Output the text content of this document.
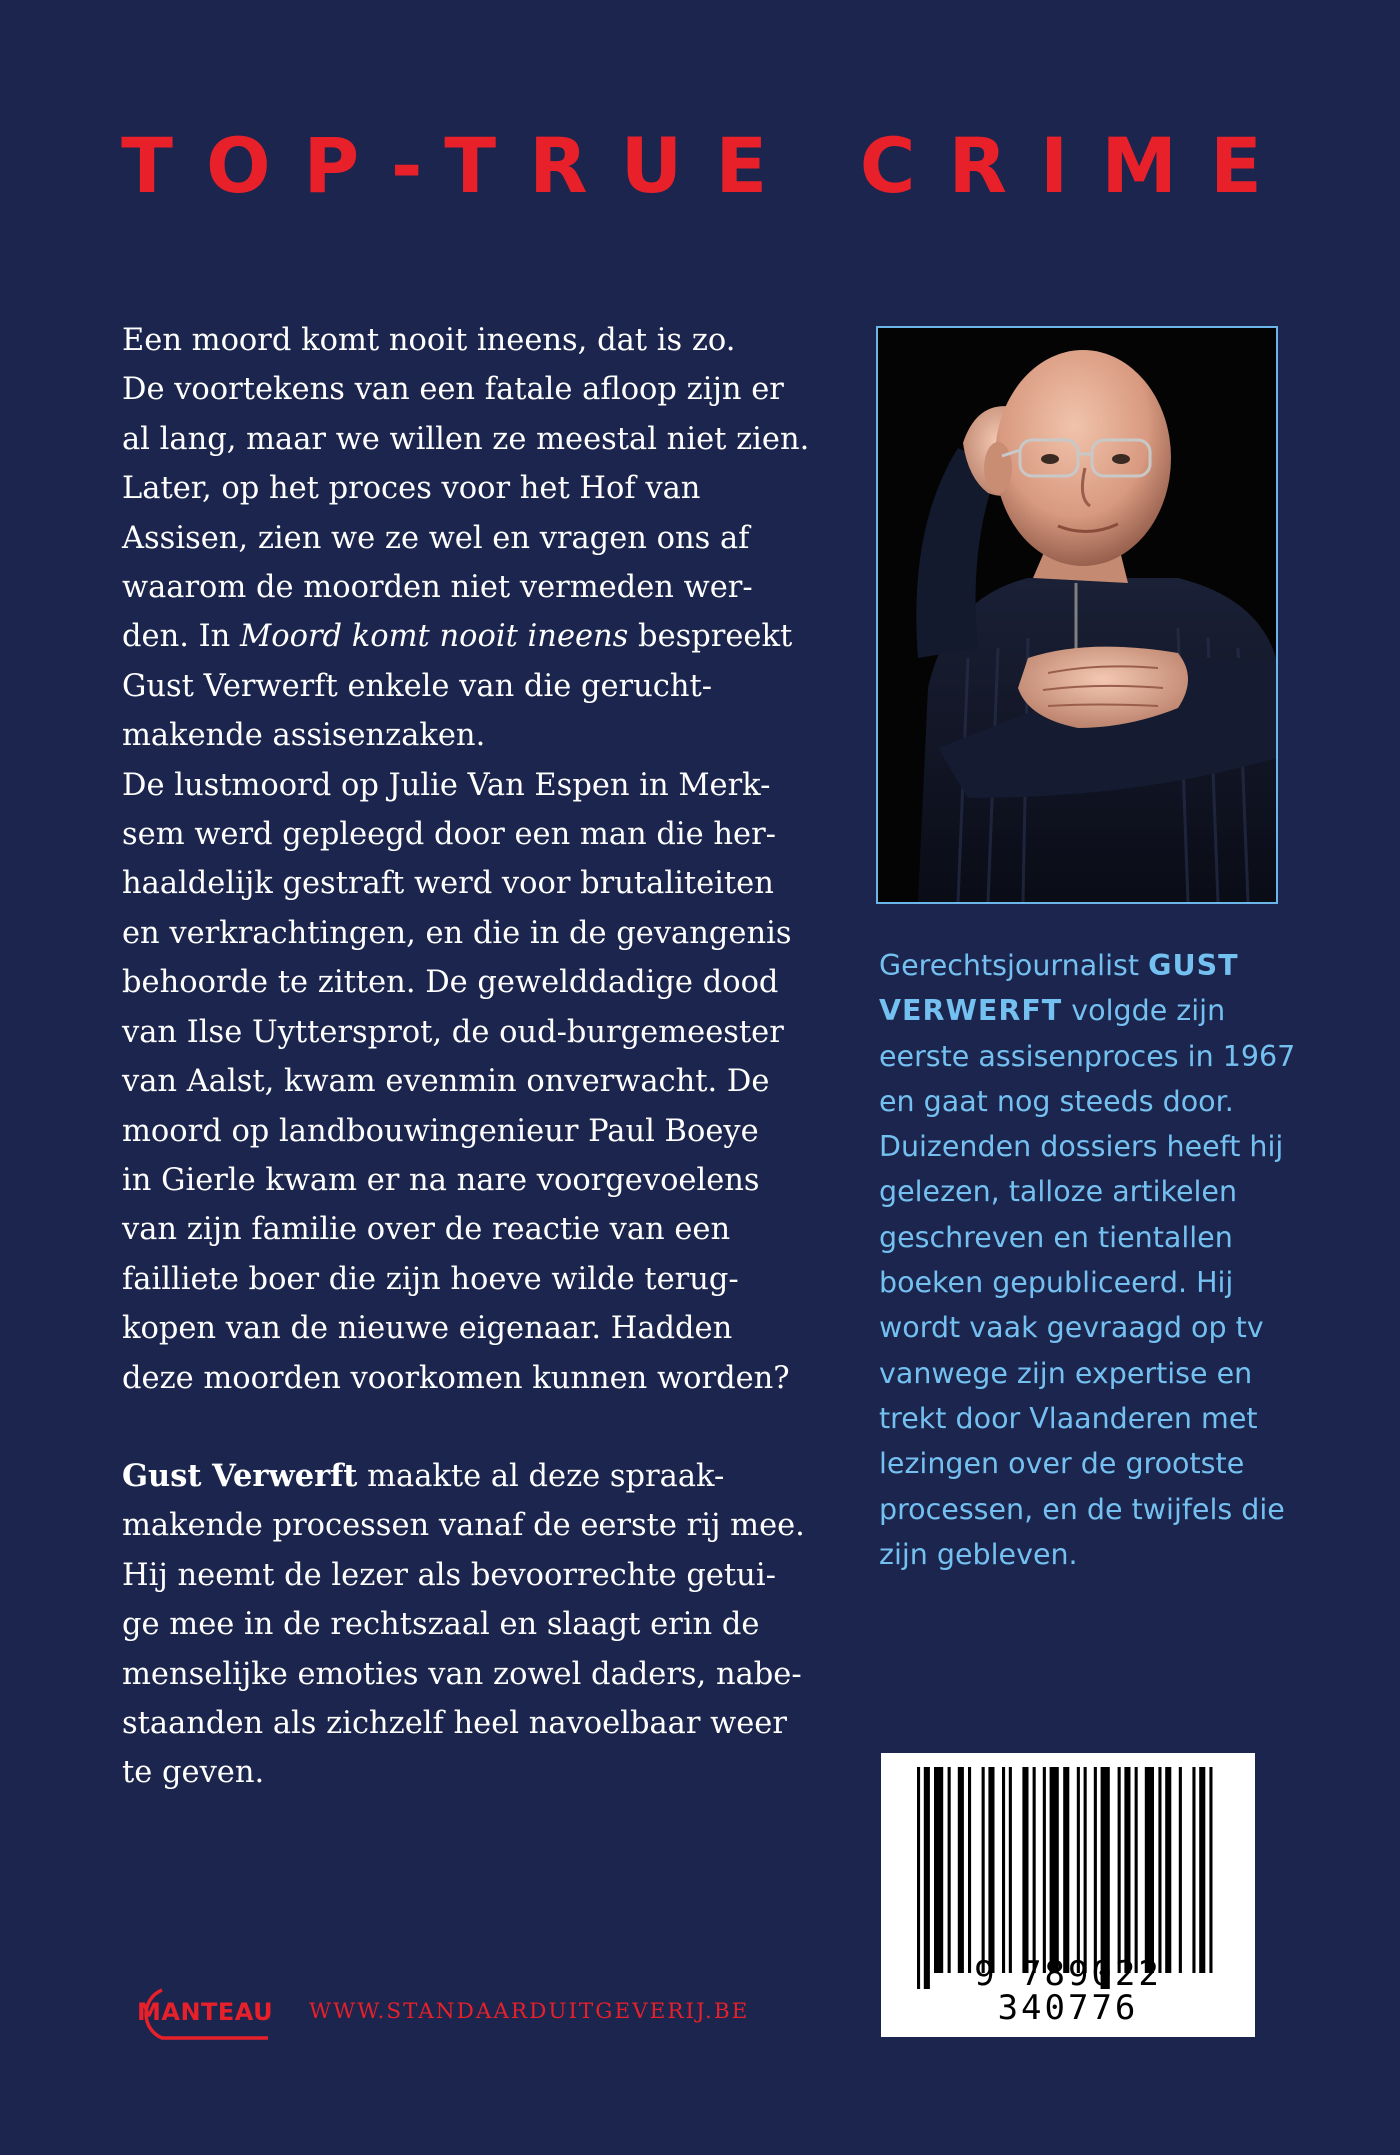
TOP-TRUE CRIME

Een moord komt nooit ineens, dat is zo.
De voortekens van een fatale afloop zijn er
al lang, maar we willen ze meestal niet zien.
Later, op het proces voor het Hof van
Assisen, zien we ze wel en vragen ons af
waarom de moorden niet vermeden wer-
den. In Moord komt nooit ineens bespreekt
Gust Verwerft enkele van die gerucht-
makende assisenzaken.

De lustmoord op Julie Van Espen in Merk-
sem werd gepleegd door een man die her-
haaldelijk gestraft werd voor brutaliteiten
en verkrachtingen, en die in de gevangenis
behoorde te zitten. De gewelddadige dood
van Ilse Uyttersprot, de oud-burgemeester
van Aalst, kwam evenmin onverwacht. De
moord op landbouwingenieur Paul Boeye
in Gierle kwam er na nare voorgevoelens
van zijn familie over de reactie van een
failliete boer die zijn hoeve wilde terug-
kopen van de nieuwe eigenaar. Hadden
deze moorden voorkomen kunnen worden?

Gust Verwerft maakte al deze spraak-
makende processen vanaf de eerste rij mee.
Hij neemt de lezer als bevoorrechte getui-
ge mee in de rechtszaal en slaagt erin de
menselijke emoties van zowel daders, nabe-
staanden als zichzelf heel navoelbaar weer
te geven.

Gerechtsjournalist GUST
VERWERFT volgde zijn
eerste assisenproces in 1967
en gaat nog steeds door.
Duizenden dossiers heeft hij
gelezen, talloze artikelen
geschreven en tientallen
boeken gepubliceerd. Hij
wordt vaak gevraagd op tv
vanwege zijn expertise en
trekt door Vlaanderen met
lezingen over de grootste
processen, en de twijfels die
zijn gebleven.

9 789022 340776
MANTEAU WWW.STANDAARDUITGEVERIJ.BE
